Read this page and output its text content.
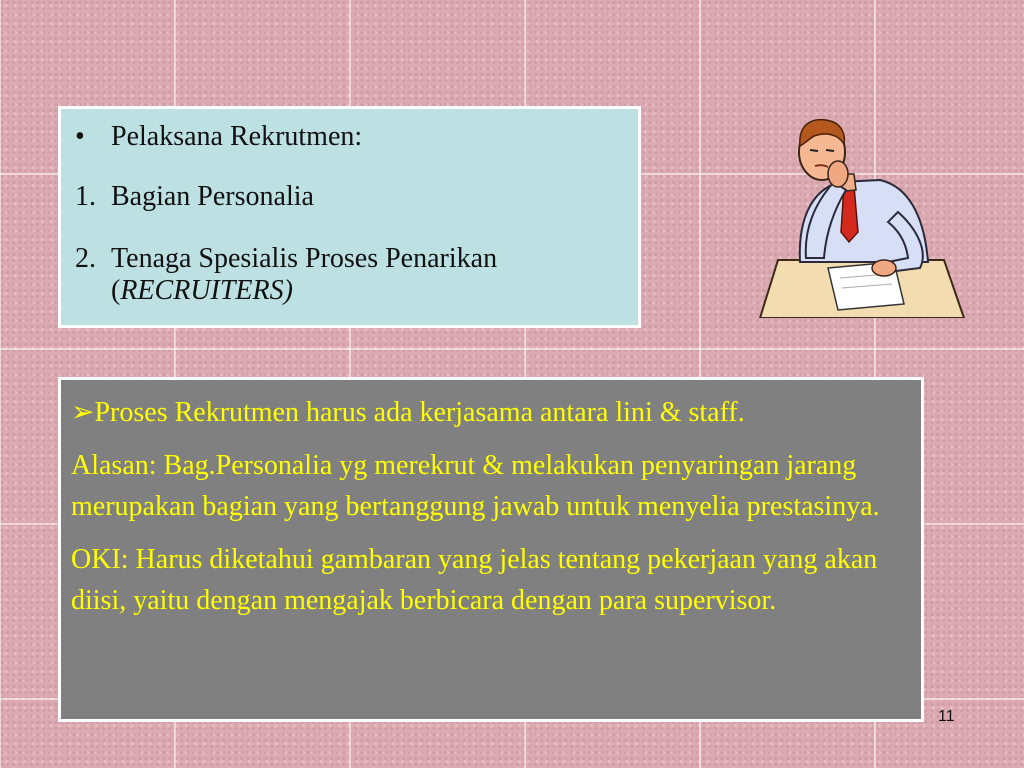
• Pelaksana Rekrutmen:
1. Bagian Personalia
2. Tenaga Spesialis Proses Penarikan
(RECRUITERS)

➢Proses Rekrutmen harus ada kerjasama antara lini & staff.

Alasan: Bag.Personalia yg merekrut & melakukan penyaringan jarang merupakan bagian yang bertanggung jawab untuk menyelia prestasinya.

OKI: Harus diketahui gambaran yang jelas tentang pekerjaan yang akan diisi, yaitu dengan mengajak berbicara dengan para supervisor.

11
